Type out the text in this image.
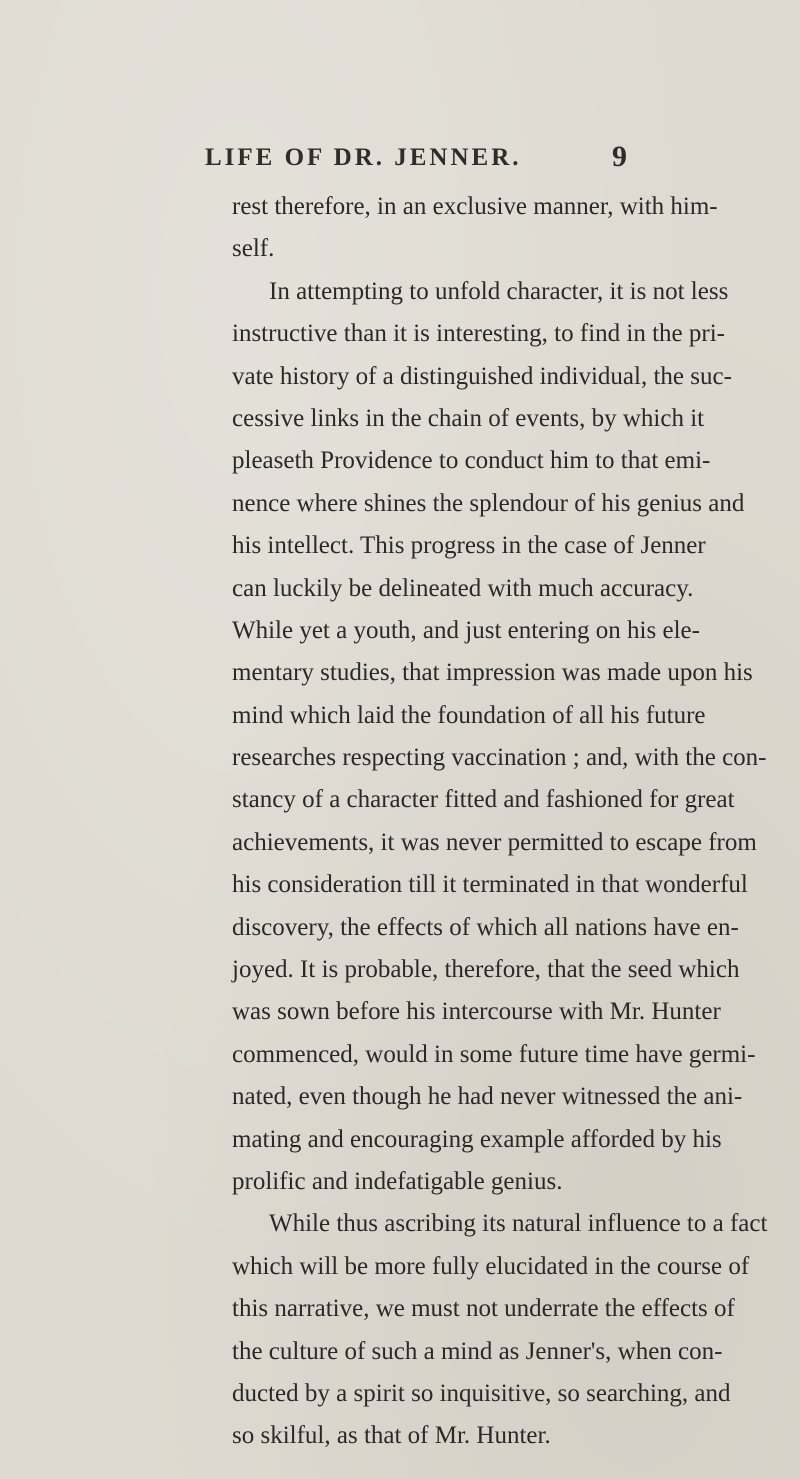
LIFE OF DR. JENNER.	9
rest therefore, in an exclusive manner, with him-
self.
In attempting to unfold character, it is not less
instructive than it is interesting, to find in the pri-
vate history of a distinguished individual, the suc-
cessive links in the chain of events, by which it
pleaseth Providence to conduct him to that emi-
nence where shines the splendour of his genius and
his intellect. This progress in the case of Jenner
can luckily be delineated with much accuracy.
While yet a youth, and just entering on his ele-
mentary studies, that impression was made upon his
mind which laid the foundation of all his future
researches respecting vaccination ; and, with the con-
stancy of a character fitted and fashioned for great
achievements, it was never permitted to escape from
his consideration till it terminated in that wonderful
discovery, the effects of which all nations have en-
joyed. It is probable, therefore, that the seed which
was sown before his intercourse with Mr. Hunter
commenced, would in some future time have germi-
nated, even though he had never witnessed the ani-
mating and encouraging example afforded by his
prolific and indefatigable genius.
While thus ascribing its natural influence to a fact
which will be more fully elucidated in the course of
this narrative, we must not underrate the effects of
the culture of such a mind as Jenner's, when con-
ducted by a spirit so inquisitive, so searching, and
so skilful, as that of Mr. Hunter.
